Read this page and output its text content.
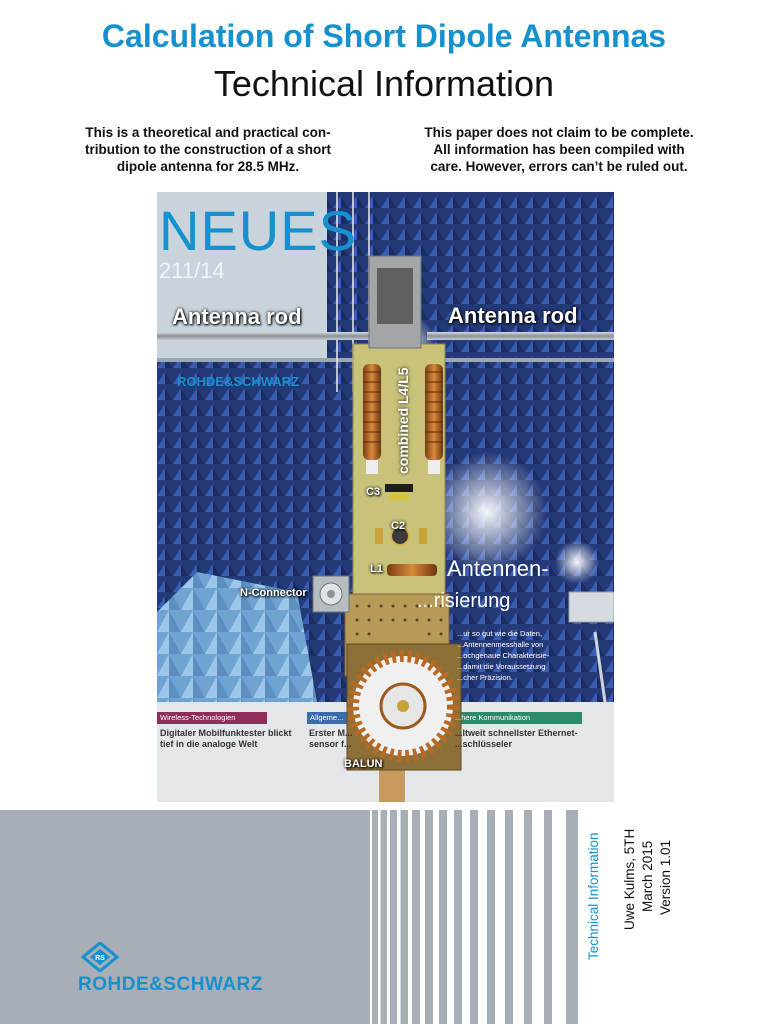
Calculation of Short Dipole Antennas
Technical Information
This is a theoretical and practical con-
tribution to the construction of a short
dipole antenna for 28.5 MHz.
This paper does not claim to be complete.
All information has been compiled with
care. However, errors can’t be ruled out.
NEUES
211/14
ROHDE&SCHWARZ
Antennen-
...risierung
...ur so gut wie die Daten,
...Antennenmesshalle von
...ochgenaue Charakterisie-
...damit die Voraussetzung
...cher Präzision.
Wireless-Technologien	Allgeme...	...here Kommunikation
Digitaler Mobilfunktester blickt
tief in die analoge Welt
Erster M...
sensor f...
...ltweit schnellster Ethernet-
...schlüsseler
Antenna rod	Antenna rod
combined L4/L5
C3
C2
L1
N-Connector
BALUN
RS
ROHDE&SCHWARZ
Technical Information Uwe Kulms, 5TH March 2015 Version 1.01
